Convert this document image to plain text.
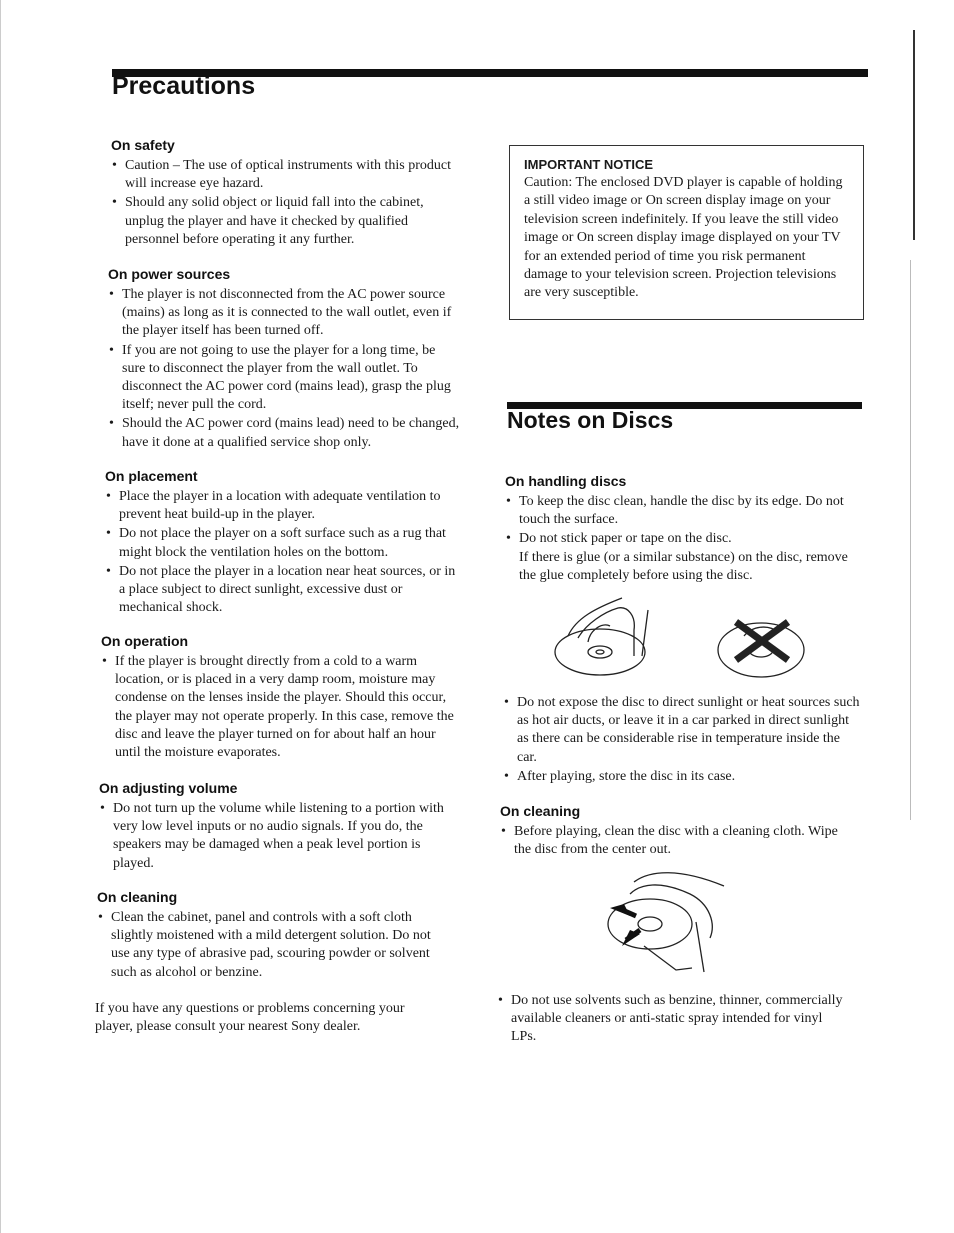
Precautions
On safety
• Caution – The use of optical instruments with this product will increase eye hazard.
• Should any solid object or liquid fall into the cabinet, unplug the player and have it checked by qualified personnel before operating it any further.
On power sources
• The player is not disconnected from the AC power source (mains) as long as it is connected to the wall outlet, even if the player itself has been turned off.
• If you are not going to use the player for a long time, be sure to disconnect the player from the wall outlet. To disconnect the AC power cord (mains lead), grasp the plug itself; never pull the cord.
• Should the AC power cord (mains lead) need to be changed, have it done at a qualified service shop only.
On placement
• Place the player in a location with adequate ventilation to prevent heat build-up in the player.
• Do not place the player on a soft surface such as a rug that might block the ventilation holes on the bottom.
• Do not place the player in a location near heat sources, or in a place subject to direct sunlight, excessive dust or mechanical shock.
On operation
• If the player is brought directly from a cold to a warm location, or is placed in a very damp room, moisture may condense on the lenses inside the player. Should this occur, the player may not operate properly. In this case, remove the disc and leave the player turned on for about half an hour until the moisture evaporates.
On adjusting volume
• Do not turn up the volume while listening to a portion with very low level inputs or no audio signals. If you do, the speakers may be damaged when a peak level portion is played.
On cleaning
• Clean the cabinet, panel and controls with a soft cloth slightly moistened with a mild detergent solution. Do not use any type of abrasive pad, scouring powder or solvent such as alcohol or benzine.
If you have any questions or problems concerning your player, please consult your nearest Sony dealer.
IMPORTANT NOTICE
Caution: The enclosed DVD player is capable of holding a still video image or On screen display image on your television screen indefinitely. If you leave the still video image or On screen display image displayed on your TV for an extended period of time you risk permanent damage to your television screen. Projection televisions are very susceptible.
Notes on Discs
On handling discs
• To keep the disc clean, handle the disc by its edge. Do not touch the surface.
• Do not stick paper or tape on the disc.
If there is glue (or a similar substance) on the disc, remove the glue completely before using the disc.
• Do not expose the disc to direct sunlight or heat sources such as hot air ducts, or leave it in a car parked in direct sunlight as there can be considerable rise in temperature inside the car.
• After playing, store the disc in its case.
On cleaning
• Before playing, clean the disc with a cleaning cloth. Wipe the disc from the center out.
• Do not use solvents such as benzine, thinner, commercially available cleaners or anti-static spray intended for vinyl LPs.
